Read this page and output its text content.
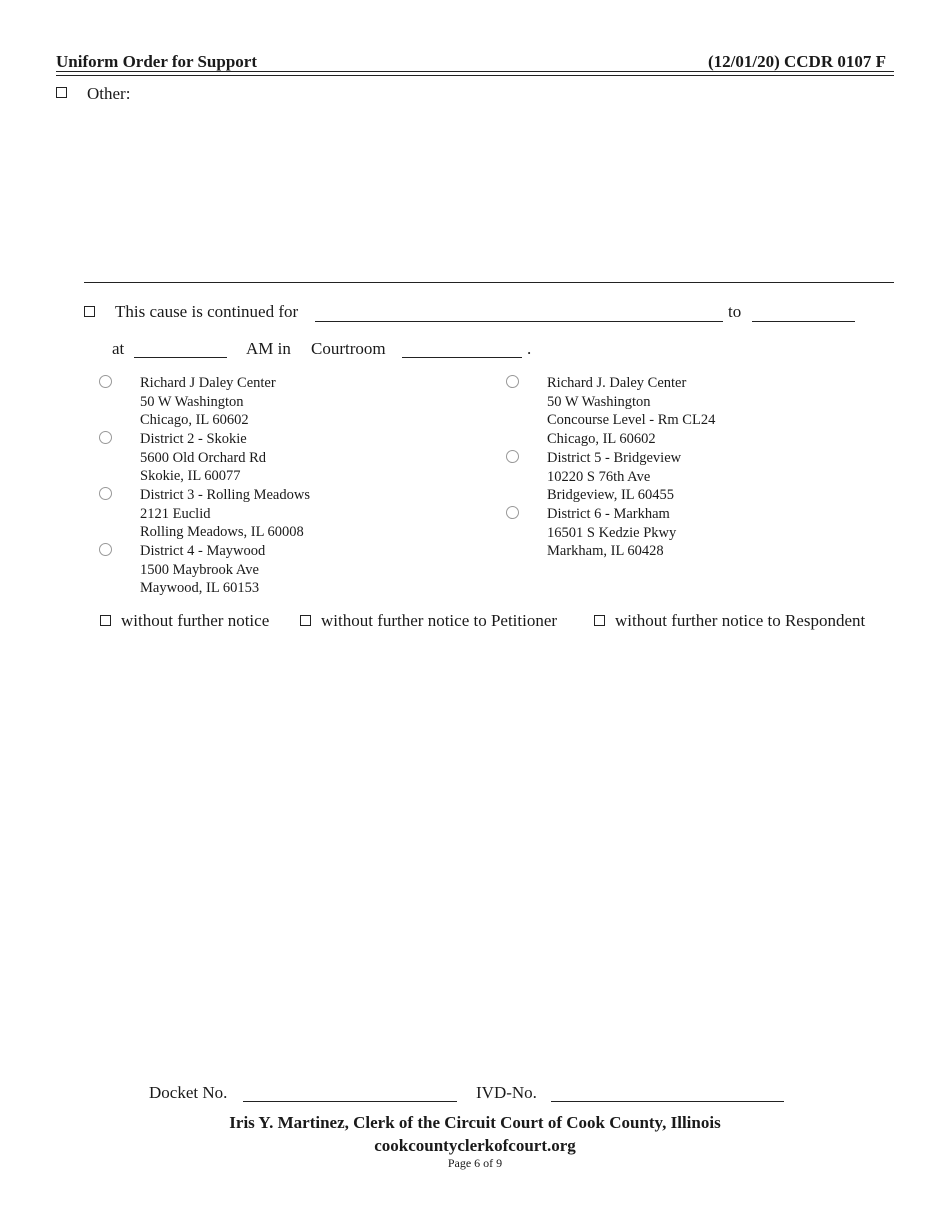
Uniform Order for Support	(12/01/20) CCDR 0107 F
Other:
This cause is continued for	to
at	AM in Courtroom	.
Richard J Daley Center
50 W Washington
Chicago, IL 60602
District 2 - Skokie
5600 Old Orchard Rd
Skokie, IL 60077
District 3 - Rolling Meadows
2121 Euclid
Rolling Meadows, IL 60008
District 4 - Maywood
1500 Maybrook Ave
Maywood, IL 60153
Richard J. Daley Center
50 W Washington
Concourse Level - Rm CL24
Chicago, IL 60602
District 5 - Bridgeview
10220 S 76th Ave
Bridgeview, IL 60455
District 6 - Markham
16501 S Kedzie Pkwy
Markham, IL 60428
without further notice	without further notice to Petitioner	without further notice to Respondent
Docket No.	IVD-No.
Iris Y. Martinez, Clerk of the Circuit Court of Cook County, Illinois
cookcountyclerkofcourt.org
Page 6 of 9
